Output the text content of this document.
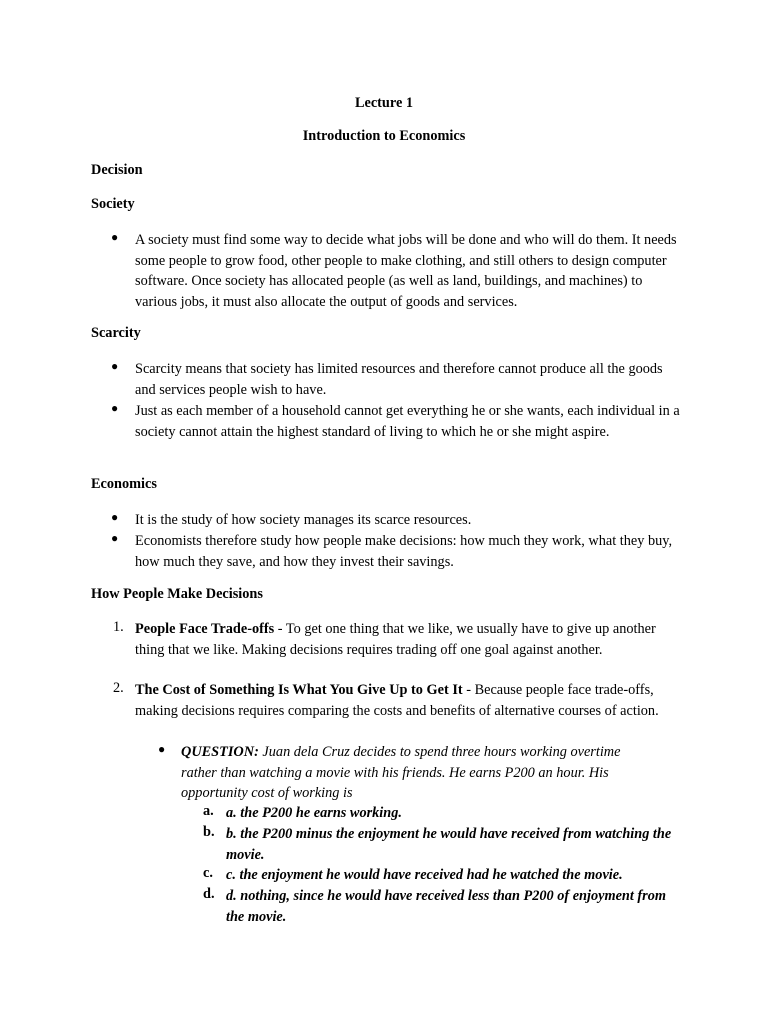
Lecture 1
Introduction to Economics
Decision
Society
● A society must find some way to decide what jobs will be done and who will do them. It needs some people to grow food, other people to make clothing, and still others to design computer software. Once society has allocated people (as well as land, buildings, and machines) to various jobs, it must also allocate the output of goods and services.
Scarcity
● Scarcity means that society has limited resources and therefore cannot produce all the goods and services people wish to have.
● Just as each member of a household cannot get everything he or she wants, each individual in a society cannot attain the highest standard of living to which he or she might aspire.
Economics
● It is the study of how society manages its scarce resources.
● Economists therefore study how people make decisions: how much they work, what they buy, how much they save, and how they invest their savings.
How People Make Decisions
1. People Face Trade-offs - To get one thing that we like, we usually have to give up another thing that we like. Making decisions requires trading off one goal against another.
2. The Cost of Something Is What You Give Up to Get It - Because people face trade-offs, making decisions requires comparing the costs and benefits of alternative courses of action.
● QUESTION: Juan dela Cruz decides to spend three hours working overtime rather than watching a movie with his friends. He earns P200 an hour. His opportunity cost of working is
a. a. the P200 he earns working.
b. b. the P200 minus the enjoyment he would have received from watching the movie.
c. c. the enjoyment he would have received had he watched the movie.
d. d. nothing, since he would have received less than P200 of enjoyment from the movie.
